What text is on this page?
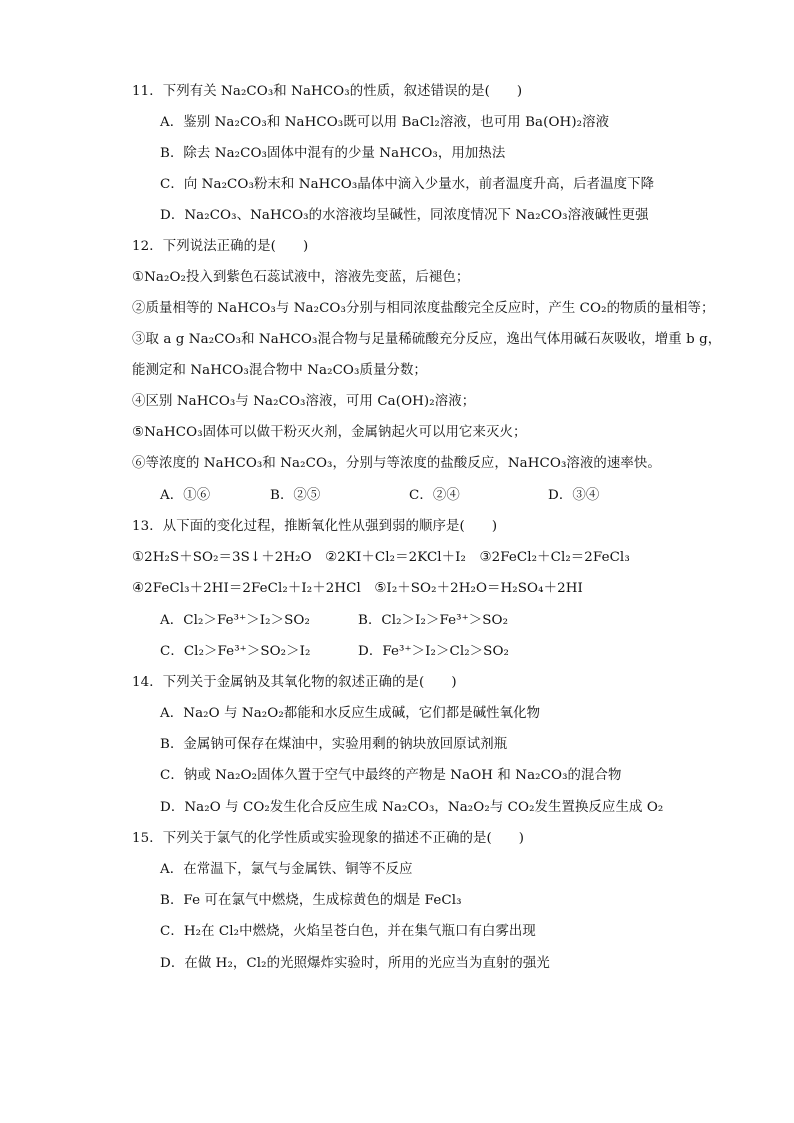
11．下列有关 Na₂CO₃和 NaHCO₃的性质，叙述错误的是(　　)
A．鉴别 Na₂CO₃和 NaHCO₃既可以用 BaCl₂溶液，也可用 Ba(OH)₂溶液
B．除去 Na₂CO₃固体中混有的少量 NaHCO₃，用加热法
C．向 Na₂CO₃粉末和 NaHCO₃晶体中滴入少量水，前者温度升高，后者温度下降
D．Na₂CO₃、NaHCO₃的水溶液均呈碱性，同浓度情况下 Na₂CO₃溶液碱性更强
12．下列说法正确的是(　　)
①Na₂O₂投入到紫色石蕊试液中，溶液先变蓝，后褪色；
②质量相等的 NaHCO₃与 Na₂CO₃分别与相同浓度盐酸完全反应时，产生 CO₂的物质的量相等；
③取 a g Na₂CO₃和 NaHCO₃混合物与足量稀硫酸充分反应，逸出气体用碱石灰吸收，增重 b g，
能测定和 NaHCO₃混合物中 Na₂CO₃质量分数；
④区别 NaHCO₃与 Na₂CO₃溶液，可用 Ca(OH)₂溶液；
⑤NaHCO₃固体可以做干粉灭火剂，金属钠起火可以用它来灭火；
⑥等浓度的 NaHCO₃和 Na₂CO₃，分别与等浓度的盐酸反应，NaHCO₃溶液的速率快。
A．①⑥	B．②⑤	C．②④	D．③④
13．从下面的变化过程，推断氧化性从强到弱的顺序是(　　)
①2H₂S＋SO₂＝3S↓＋2H₂O　②2KI＋Cl₂＝2KCl＋I₂　③2FeCl₂＋Cl₂＝2FeCl₃
④2FeCl₃＋2HI＝2FeCl₂＋I₂＋2HCl　⑤I₂＋SO₂＋2H₂O＝H₂SO₄＋2HI
A．Cl₂＞Fe³⁺＞I₂＞SO₂	B．Cl₂＞I₂＞Fe³⁺＞SO₂
C．Cl₂＞Fe³⁺＞SO₂＞I₂	D．Fe³⁺＞I₂＞Cl₂＞SO₂
14．下列关于金属钠及其氧化物的叙述正确的是(　　)
A．Na₂O 与 Na₂O₂都能和水反应生成碱，它们都是碱性氧化物
B．金属钠可保存在煤油中，实验用剩的钠块放回原试剂瓶
C．钠或 Na₂O₂固体久置于空气中最终的产物是 NaOH 和 Na₂CO₃的混合物
D．Na₂O 与 CO₂发生化合反应生成 Na₂CO₃，Na₂O₂与 CO₂发生置换反应生成 O₂
15．下列关于氯气的化学性质或实验现象的描述不正确的是(　　)
A．在常温下，氯气与金属铁、铜等不反应
B．Fe 可在氯气中燃烧，生成棕黄色的烟是 FeCl₃
C．H₂在 Cl₂中燃烧，火焰呈苍白色，并在集气瓶口有白雾出现
D．在做 H₂，Cl₂的光照爆炸实验时，所用的光应当为直射的强光
